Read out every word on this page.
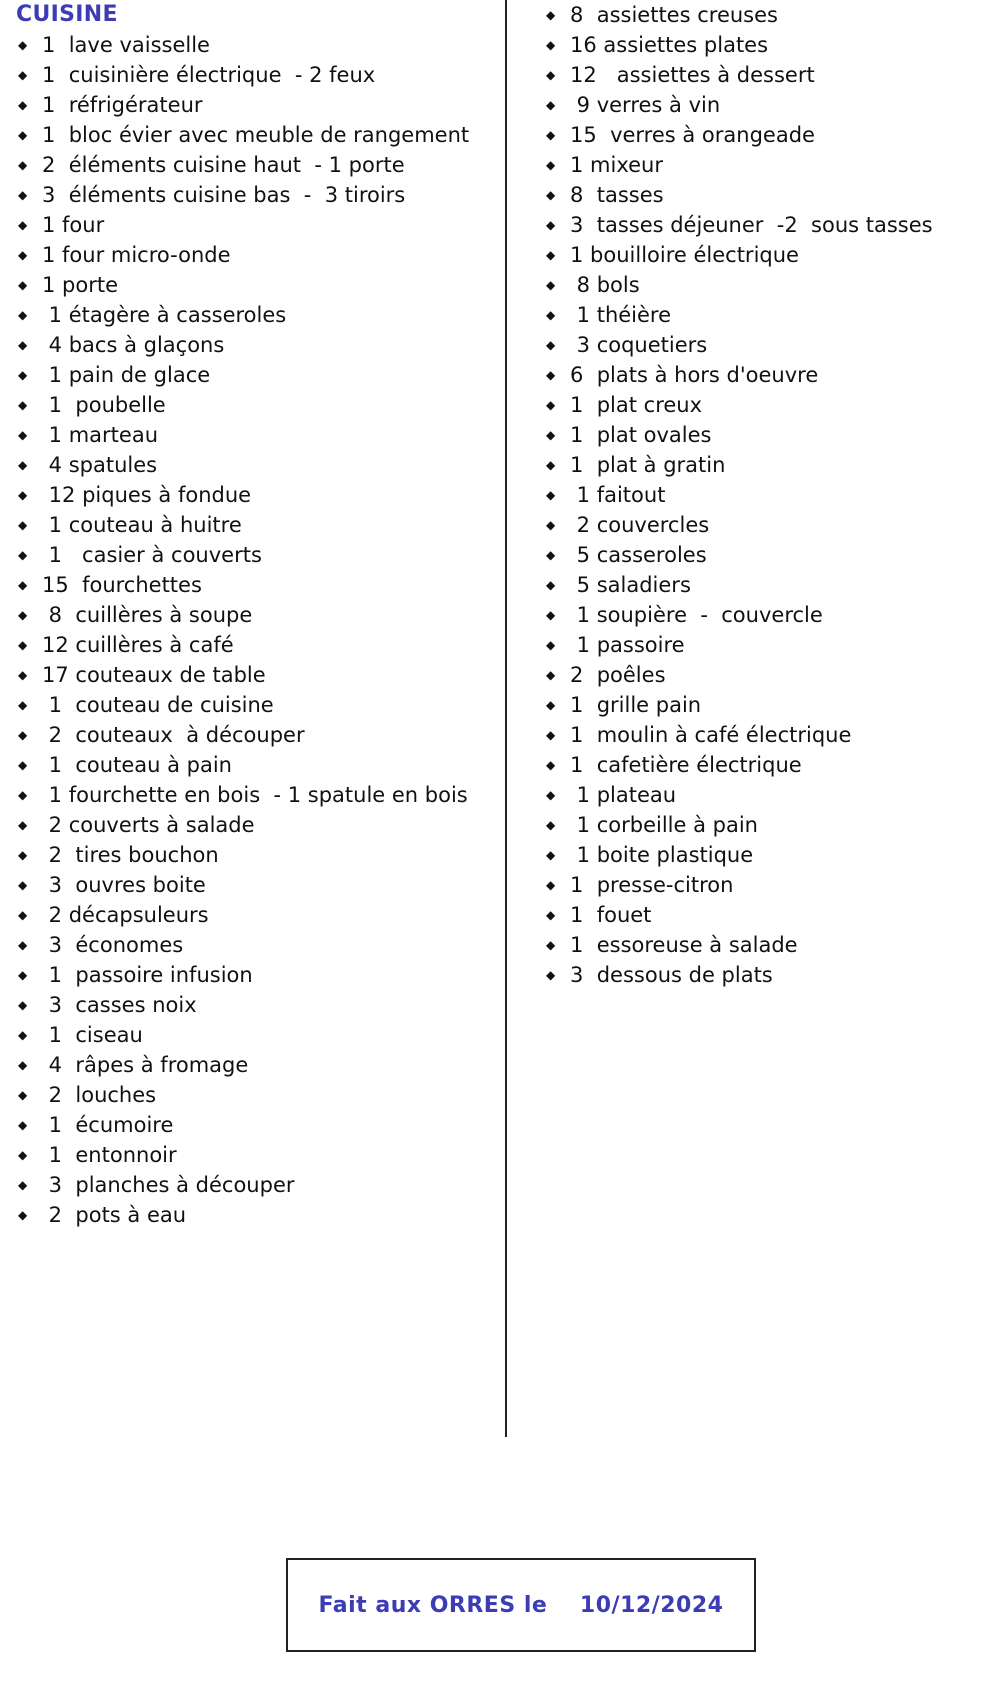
CUISINE
◆ 1  lave vaisselle
◆ 1  cuisinière électrique  - 2 feux
◆ 1  réfrigérateur
◆ 1  bloc évier avec meuble de rangement
◆ 2  éléments cuisine haut  - 1 porte
◆ 3  éléments cuisine bas  -  3 tiroirs
◆ 1 four
◆ 1 four micro-onde
◆ 1 porte
◆ 1 étagère à casseroles
◆ 4 bacs à glaçons
◆ 1 pain de glace
◆ 1  poubelle
◆ 1 marteau
◆ 4 spatules
◆ 12 piques à fondue
◆ 1 couteau à huitre
◆ 1   casier à couverts
◆ 15  fourchettes
◆ 8  cuillères à soupe
◆ 12 cuillères à café
◆ 17 couteaux de table
◆ 1  couteau de cuisine
◆ 2  couteaux  à découper
◆ 1  couteau à pain
◆ 1 fourchette en bois  - 1 spatule en bois
◆ 2 couverts à salade
◆ 2  tires bouchon
◆ 3  ouvres boite
◆ 2 décapsuleurs
◆ 3  économes
◆ 1  passoire infusion
◆ 3  casses noix
◆ 1  ciseau
◆ 4  râpes à fromage
◆ 2  louches
◆ 1  écumoire
◆ 1  entonnoir
◆ 3  planches à découper
◆ 2  pots à eau
◆ 8  assiettes creuses
◆ 16 assiettes plates
◆ 12   assiettes à dessert
◆ 9 verres à vin
◆ 15  verres à orangeade
◆ 1 mixeur
◆ 8  tasses
◆ 3  tasses déjeuner  -2  sous tasses
◆ 1 bouilloire électrique
◆ 8 bols
◆ 1 théière
◆ 3 coquetiers
◆ 6  plats à hors d'oeuvre
◆ 1  plat creux
◆ 1  plat ovales
◆ 1  plat à gratin
◆ 1 faitout
◆ 2 couvercles
◆ 5 casseroles
◆ 5 saladiers
◆ 1 soupière  -  couvercle
◆ 1 passoire
◆ 2  poêles
◆ 1  grille pain
◆ 1  moulin à café électrique
◆ 1  cafetière électrique
◆ 1 plateau
◆ 1 corbeille à pain
◆ 1 boite plastique
◆ 1  presse-citron
◆ 1  fouet
◆ 1  essoreuse à salade
◆ 3  dessous de plats
Fait aux ORRES le    10/12/2024
